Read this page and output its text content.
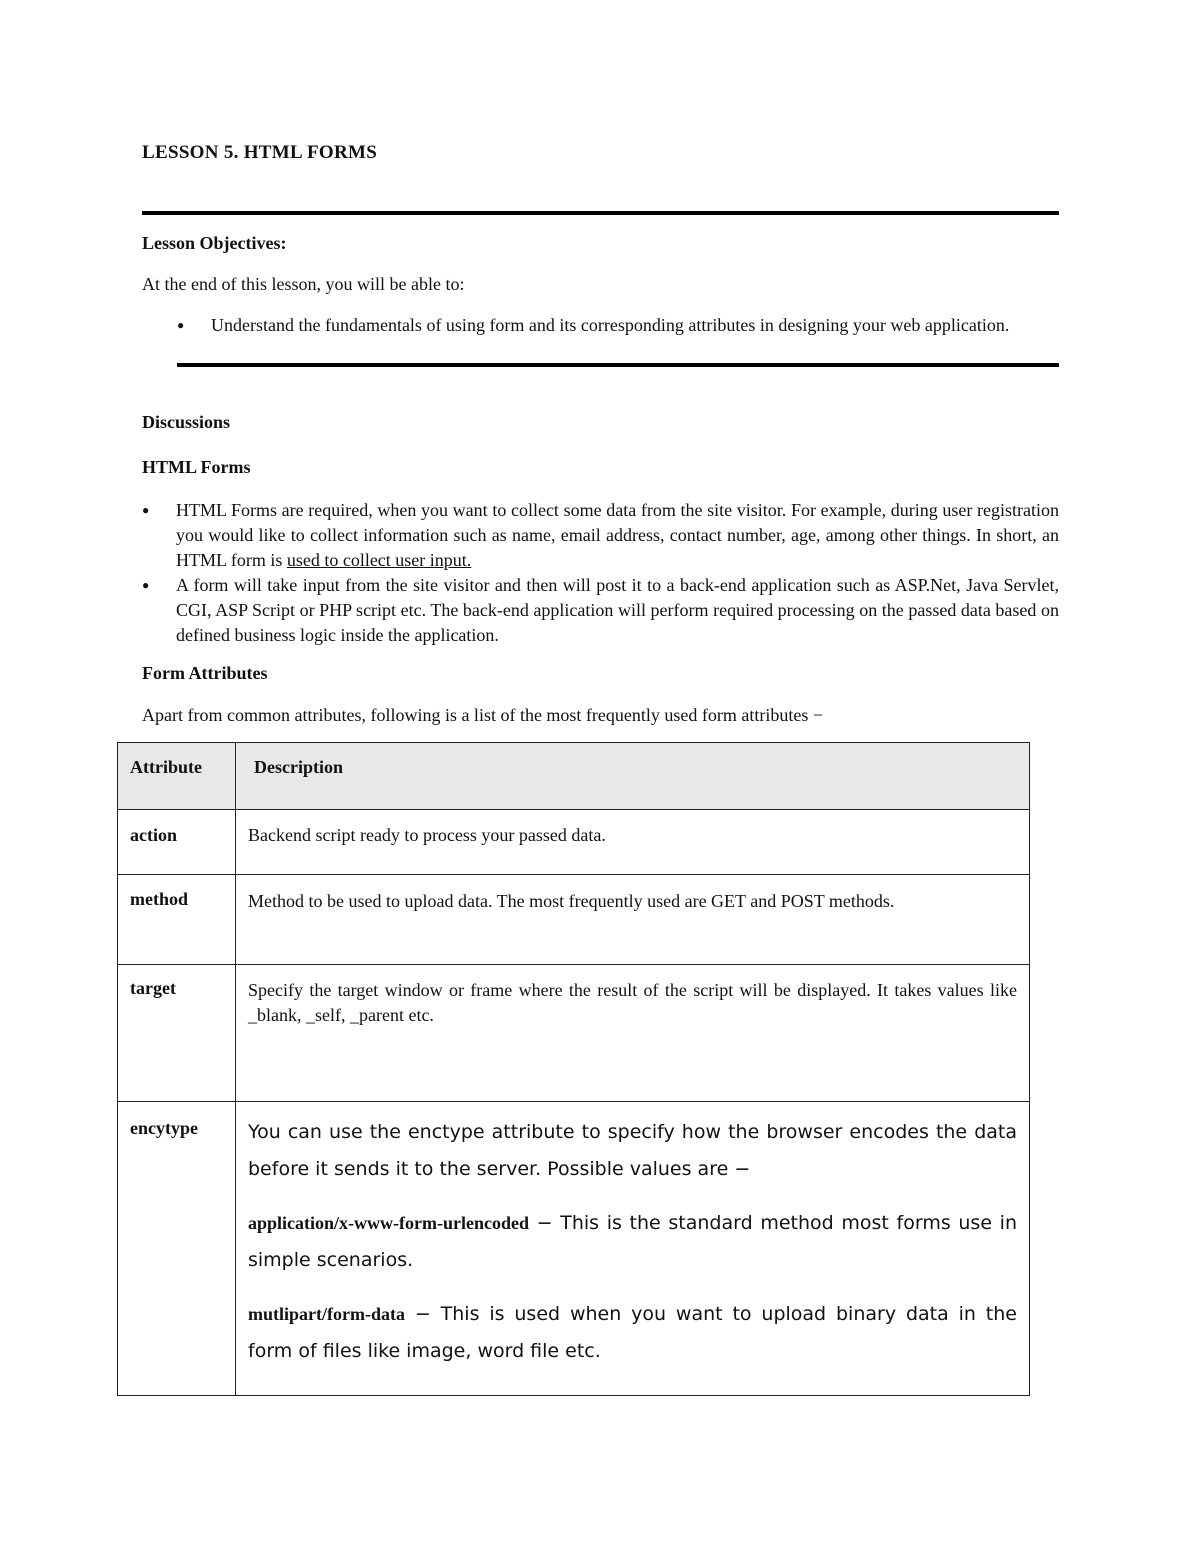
LESSON 5. HTML FORMS
Lesson Objectives:
At the end of this lesson, you will be able to:
● Understand the fundamentals of using form and its corresponding attributes in designing your web application.
Discussions
HTML Forms
● HTML Forms are required, when you want to collect some data from the site visitor. For example, during user registration you would like to collect information such as name, email address, contact number, age, among other things. In short, an HTML form is used to collect user input.
● A form will take input from the site visitor and then will post it to a back-end application such as ASP.Net, Java Servlet, CGI, ASP Script or PHP script etc. The back-end application will perform required processing on the passed data based on defined business logic inside the application.
Form Attributes
Apart from common attributes, following is a list of the most frequently used form attributes −
Attribute	Description
action	Backend script ready to process your passed data.
method	Method to be used to upload data. The most frequently used are GET and POST methods.
target	Specify the target window or frame where the result of the script will be displayed. It takes values like _blank, _self, _parent etc.
encytype	You can use the enctype attribute to specify how the browser encodes the data before it sends it to the server. Possible values are −
application/x-www-form-urlencoded − This is the standard method most forms use in simple scenarios.
mutlipart/form-data − This is used when you want to upload binary data in the form of files like image, word file etc.
